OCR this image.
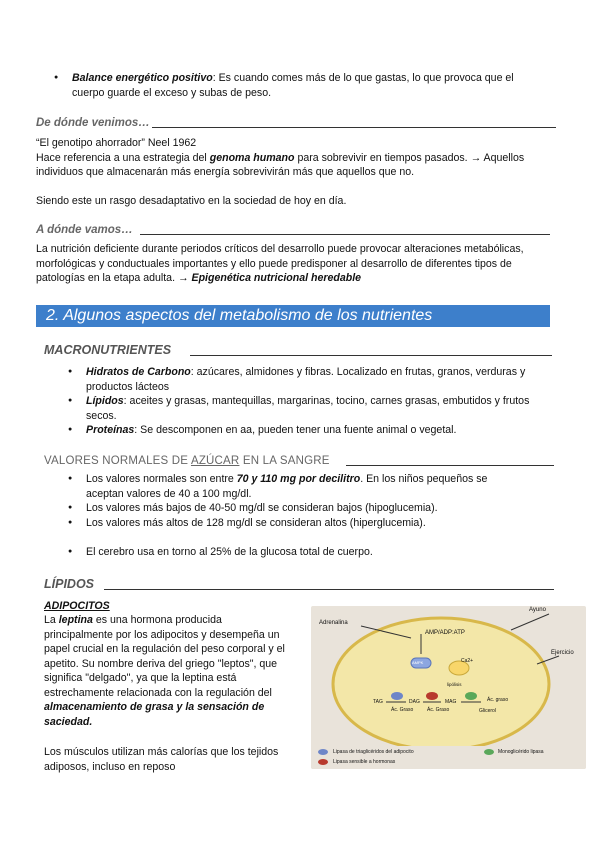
● Balance energético positivo: Es cuando comes más de lo que gastas, lo que provoca que el cuerpo guarde el exceso y subas de peso.
De dónde venimos…
“El genotipo ahorrador” Neel 1962
Hace referencia a una estrategia del genoma humano para sobrevivir en tiempos pasados. → Aquellos individuos que almacenarán más energía sobrevivirán más que aquellos que no.
Siendo este un rasgo desadaptativo en la sociedad de hoy en día.
A dónde vamos…
La nutrición deficiente durante periodos críticos del desarrollo puede provocar alteraciones metabólicas, morfológicas y conductuales importantes y ello puede predisponer al desarrollo de diferentes tipos de patologías en la etapa adulta. → Epigenética nutricional heredable
2. Algunos aspectos del metabolismo de los nutrientes
MACRONUTRIENTES
● Hidratos de Carbono: azúcares, almidones y fibras. Localizado en frutas, granos, verduras y productos lácteos
● Lípidos: aceites y grasas, mantequillas, margarinas, tocino, carnes grasas, embutidos y frutos secos.
● Proteínas: Se descomponen en aa, pueden tener una fuente animal o vegetal.
VALORES NORMALES DE AZÚCAR EN LA SANGRE
● Los valores normales son entre 70 y 110 mg por decilitro. En los niños pequeños se aceptan valores de 40 a 100 mg/dl.
● Los valores más bajos de 40-50 mg/dl se consideran bajos (hipoglucemia).
● Los valores más altos de 128 mg/dl se consideran altos (hiperglucemia).
● El cerebro usa en torno al 25% de la glucosa total de cuerpo.
LÍPIDOS
ADIPOCITOS
La leptina es una hormona producida principalmente por los adipocitos y desempeña un papel crucial en la regulación del peso corporal y el apetito. Su nombre deriva del griego "leptos", que significa "delgado", ya que la leptina está estrechamente relacionada con la regulación del almacenamiento de grasa y la sensación de saciedad.
Los músculos utilizan más calorías que los tejidos adiposos, incluso en reposo
Adrenalina
Ayuno
Ejercicio
AMP/ADP:ATP
Ca2+
AMPK
lipólisis
TAG	DAG	MAG
Ác. Graso	Ác. Graso
Ác. graso
Glicerol
Lipasa de triaglicéridos del adipocito
Lipasa sensible a hormonas
Monoglicérido lipasa
